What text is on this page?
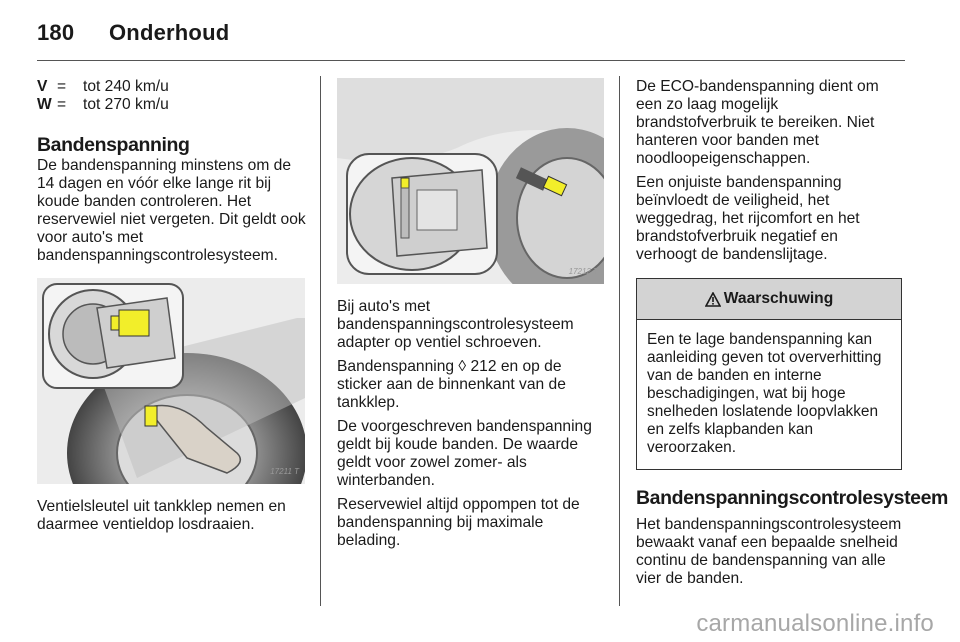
180 Onderhoud
V =	tot 240 km/u
W =	tot 270 km/u
Bandenspanning

De bandenspanning minstens om de 14 dagen en vóór elke lange rit bij koude banden controleren. Het reservewiel niet vergeten. Dit geldt ook voor auto's met bandenspanningscontrolesysteem.

17211 T

Ventielsleutel uit tankklep nemen en daarmee ventieldop losdraaien.

17212 T

Bij auto's met bandenspanningscontrolesysteem adapter op ventiel schroeven.

Bandenspanning ◊ 212 en op de sticker aan de binnenkant van de tankklep.

De voorgeschreven bandenspanning geldt bij koude banden. De waarde geldt voor zowel zomer- als winterbanden.

Reservewiel altijd oppompen tot de bandenspanning bij maximale belading.

De ECO-bandenspanning dient om een zo laag mogelijk brandstofverbruik te bereiken. Niet hanteren voor banden met noodloopeigenschappen.

Een onjuiste bandenspanning beïnvloedt de veiligheid, het weggedrag, het rijcomfort en het brandstofverbruik negatief en verhoogt de bandenslijtage.

Waarschuwing
Een te lage bandenspanning kan aanleiding geven tot oververhitting van de banden en interne beschadigingen, wat bij hoge snelheden loslatende loopvlakken en zelfs klapbanden kan veroorzaken.
Bandenspanningscontrolesysteem

Het bandenspanningscontrolesysteem bewaakt vanaf een bepaalde snelheid continu de bandenspanning van alle vier de banden.

carmanualsonline.info
